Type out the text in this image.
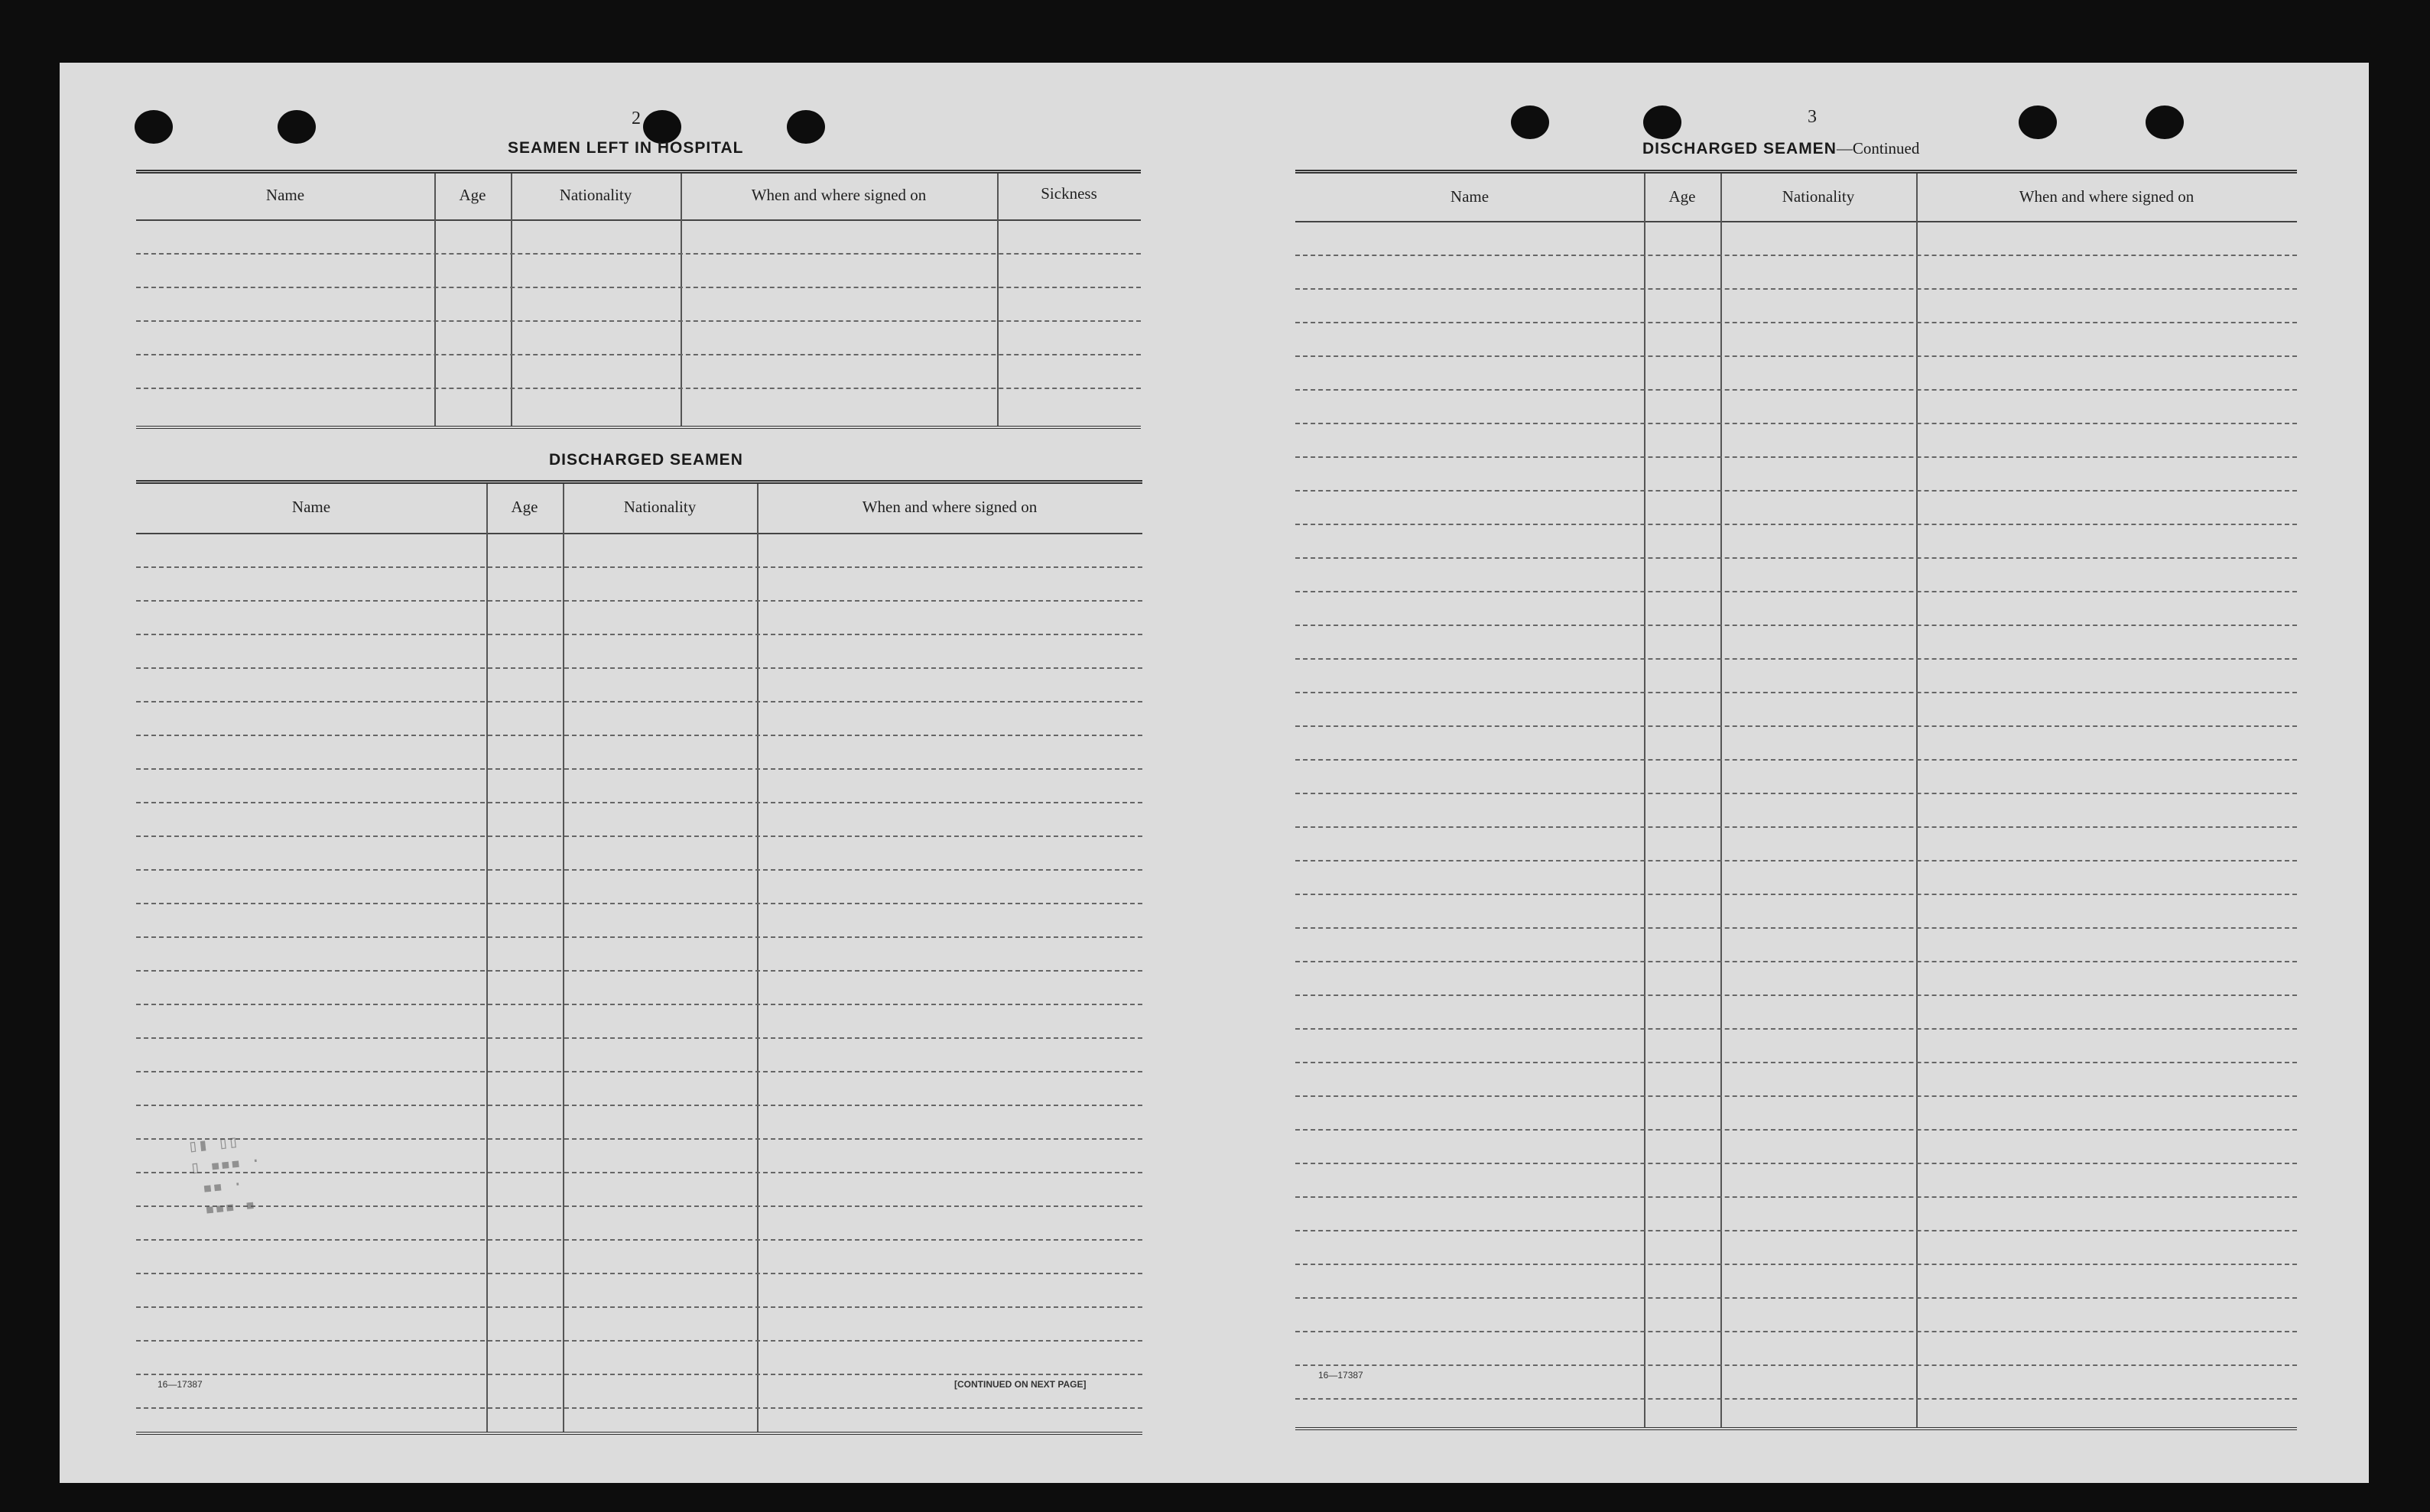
2
SEAMEN LEFT IN HOSPITAL
Name	Age	Nationality	When and where signed on	Sickness
DISCHARGED SEAMEN
Name	Age	Nationality	When and where signed on
16—17387	[CONTINUED ON NEXT PAGE]
▯▮ ▯▯
▯ ▪▪▪ ·
▪▪ ·
▪▪▪ ▪
3
DISCHARGED SEAMEN—Continued
Name	Age	Nationality	When and where signed on
16—17387
